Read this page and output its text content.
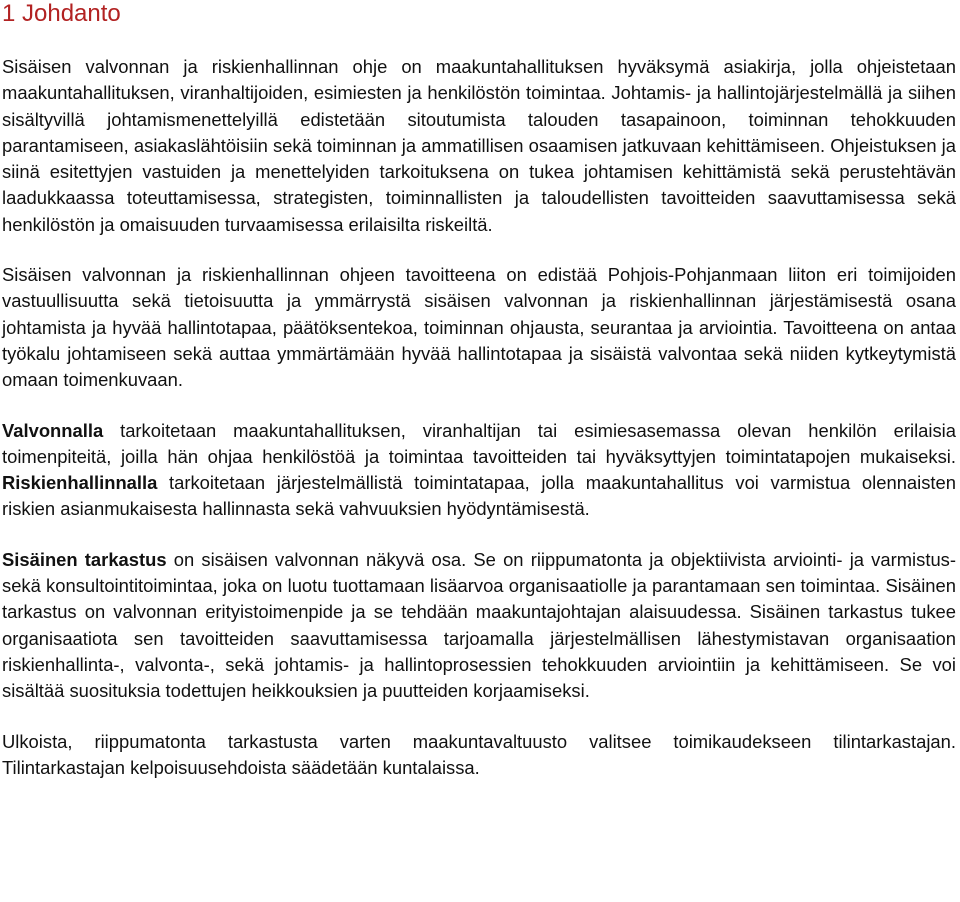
1 Johdanto

Sisäisen valvonnan ja riskienhallinnan ohje on maakuntahallituksen hyväksymä asiakirja, jolla ohjeistetaan maakuntahallituksen, viranhaltijoiden, esimiesten ja henkilöstön toimintaa. Johtamis- ja hallintojärjestelmällä ja siihen sisältyvillä johtamismenettelyillä edistetään sitoutumista talouden tasapainoon, toiminnan tehokkuuden parantamiseen, asiakaslähtöisiin sekä toiminnan ja ammatillisen osaamisen jatkuvaan kehittämiseen. Ohjeistuksen ja siinä esitettyjen vastuiden ja menettelyiden tarkoituksena on tukea johtamisen kehittämistä sekä perustehtävän laadukkaassa toteuttamisessa, strategisten, toiminnallisten ja taloudellisten tavoitteiden saavuttamisessa sekä henkilöstön ja omaisuuden turvaamisessa erilaisilta riskeiltä.

Sisäisen valvonnan ja riskienhallinnan ohjeen tavoitteena on edistää Pohjois-Pohjanmaan liiton eri toimijoiden vastuullisuutta sekä tietoisuutta ja ymmärrystä sisäisen valvonnan ja riskienhallinnan järjestämisestä osana johtamista ja hyvää hallintotapaa, päätöksentekoa, toiminnan ohjausta, seurantaa ja arviointia. Tavoitteena on antaa työkalu johtamiseen sekä auttaa ymmärtämään hyvää hallintotapaa ja sisäistä valvontaa sekä niiden kytkeytymistä omaan toimenkuvaan.

Valvonnalla tarkoitetaan maakuntahallituksen, viranhaltijan tai esimiesasemassa olevan henkilön erilaisia toimenpiteitä, joilla hän ohjaa henkilöstöä ja toimintaa tavoitteiden tai hyväksyttyjen toimintatapojen mukaiseksi. Riskienhallinnalla tarkoitetaan järjestelmällistä toimintatapaa, jolla maakuntahallitus voi varmistua olennaisten riskien asianmukaisesta hallinnasta sekä vahvuuksien hyödyntämisestä.

Sisäinen tarkastus on sisäisen valvonnan näkyvä osa. Se on riippumatonta ja objektiivista arviointi- ja varmistus- sekä konsultointitoimintaa, joka on luotu tuottamaan lisäarvoa organisaatiolle ja parantamaan sen toimintaa. Sisäinen tarkastus on valvonnan erityistoimenpide ja se tehdään maakuntajohtajan alaisuudessa. Sisäinen tarkastus tukee organisaatiota sen tavoitteiden saavuttamisessa tarjoamalla järjestelmällisen lähestymistavan organisaation riskienhallinta-, valvonta-, sekä johtamis- ja hallintoprosessien tehokkuuden arviointiin ja kehittämiseen. Se voi sisältää suosituksia todettujen heikkouksien ja puutteiden korjaamiseksi.

Ulkoista, riippumatonta tarkastusta varten maakuntavaltuusto valitsee toimikaudekseen tilintarkastajan. Tilintarkastajan kelpoisuusehdoista säädetään kuntalaissa.
